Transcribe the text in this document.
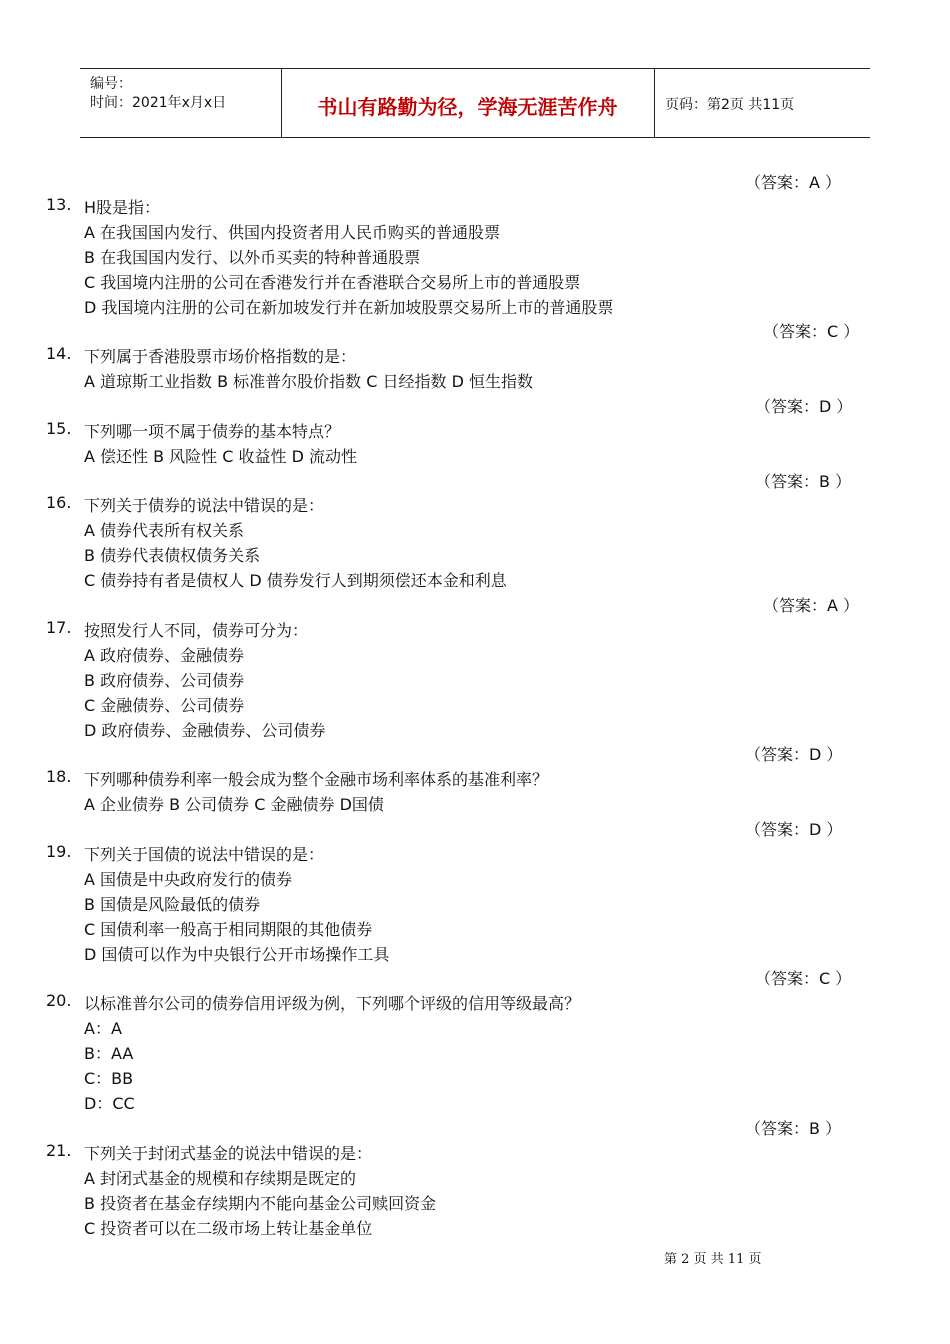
编号：
时间：2021年x月x日	书山有路勤为径，学海无涯苦作舟	页码：第2页 共11页
（答案：A ）
13. H股是指：
A 在我国国内发行、供国内投资者用人民币购买的普通股票
B 在我国国内发行、以外币买卖的特种普通股票
C 我国境内注册的公司在香港发行并在香港联合交易所上市的普通股票
D 我国境内注册的公司在新加坡发行并在新加坡股票交易所上市的普通股票
（答案：C ）
14. 下列属于香港股票市场价格指数的是：
A 道琼斯工业指数 B 标准普尔股价指数 C 日经指数 D 恒生指数
（答案：D ）
15. 下列哪一项不属于债券的基本特点？
A 偿还性 B 风险性 C 收益性 D 流动性
（答案：B ）
16. 下列关于债券的说法中错误的是：
A 债券代表所有权关系
B 债券代表债权债务关系
C 债券持有者是债权人 D 债券发行人到期须偿还本金和利息
（答案：A ）
17. 按照发行人不同，债券可分为：
A 政府债券、金融债券
B 政府债券、公司债券
C 金融债券、公司债券
D 政府债券、金融债券、公司债券
（答案：D ）
18. 下列哪种债券利率一般会成为整个金融市场利率体系的基准利率？
A 企业债券 B 公司债券 C 金融债券 D国债
（答案：D ）
19. 下列关于国债的说法中错误的是：
A 国债是中央政府发行的债券
B 国债是风险最低的债券
C 国债利率一般高于相同期限的其他债券
D 国债可以作为中央银行公开市场操作工具
（答案：C ）
20. 以标准普尔公司的债券信用评级为例，下列哪个评级的信用等级最高？
A：A
B：AA
C：BB
D：CC
（答案：B ）
21. 下列关于封闭式基金的说法中错误的是：
A 封闭式基金的规模和存续期是既定的
B 投资者在基金存续期内不能向基金公司赎回资金
C 投资者可以在二级市场上转让基金单位
第 2 页 共 11 页
